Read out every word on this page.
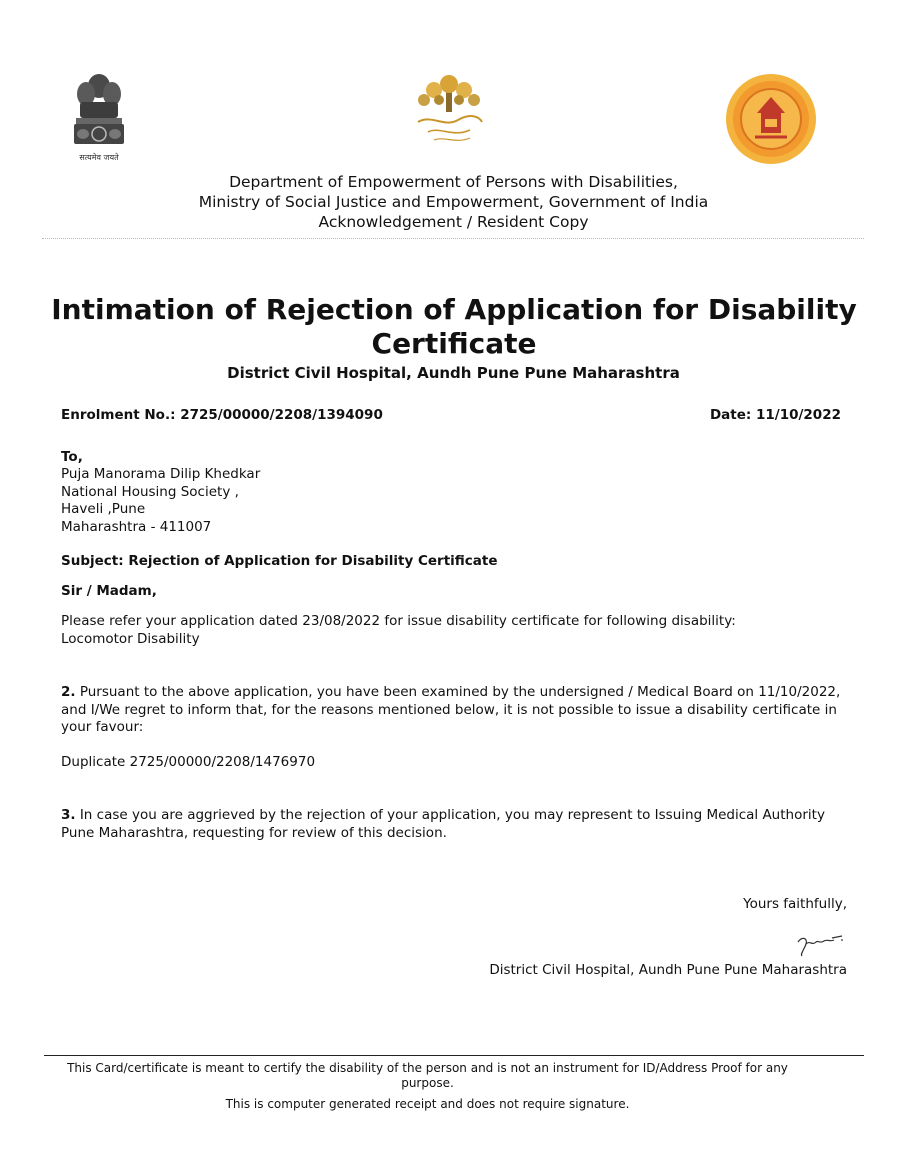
सत्यमेव जयते
Department of Empowerment of Persons with Disabilities,
Ministry of Social Justice and Empowerment, Government of India
Acknowledgement / Resident Copy
Intimation of Rejection of Application for Disability Certificate
District Civil Hospital, Aundh Pune Pune Maharashtra
Enrolment No.: 2725/00000/2208/1394090	Date: 11/10/2022
To,
Puja Manorama Dilip Khedkar
National Housing Society ,
Haveli ,Pune
Maharashtra - 411007
Subject: Rejection of Application for Disability Certificate
Sir / Madam,
Please refer your application dated 23/08/2022 for issue disability certificate for following disability:
Locomotor Disability
2. Pursuant to the above application, you have been examined by the undersigned / Medical Board on 11/10/2022, and I/We regret to inform that, for the reasons mentioned below, it is not possible to issue a disability certificate in your favour:
Duplicate 2725/00000/2208/1476970
3. In case you are aggrieved by the rejection of your application, you may represent to Issuing Medical Authority Pune Maharashtra, requesting for review of this decision.
Yours faithfully,
District Civil Hospital, Aundh Pune Pune Maharashtra
This Card/certificate is meant to certify the disability of the person and is not an instrument for ID/Address Proof for any purpose.
This is computer generated receipt and does not require signature.
